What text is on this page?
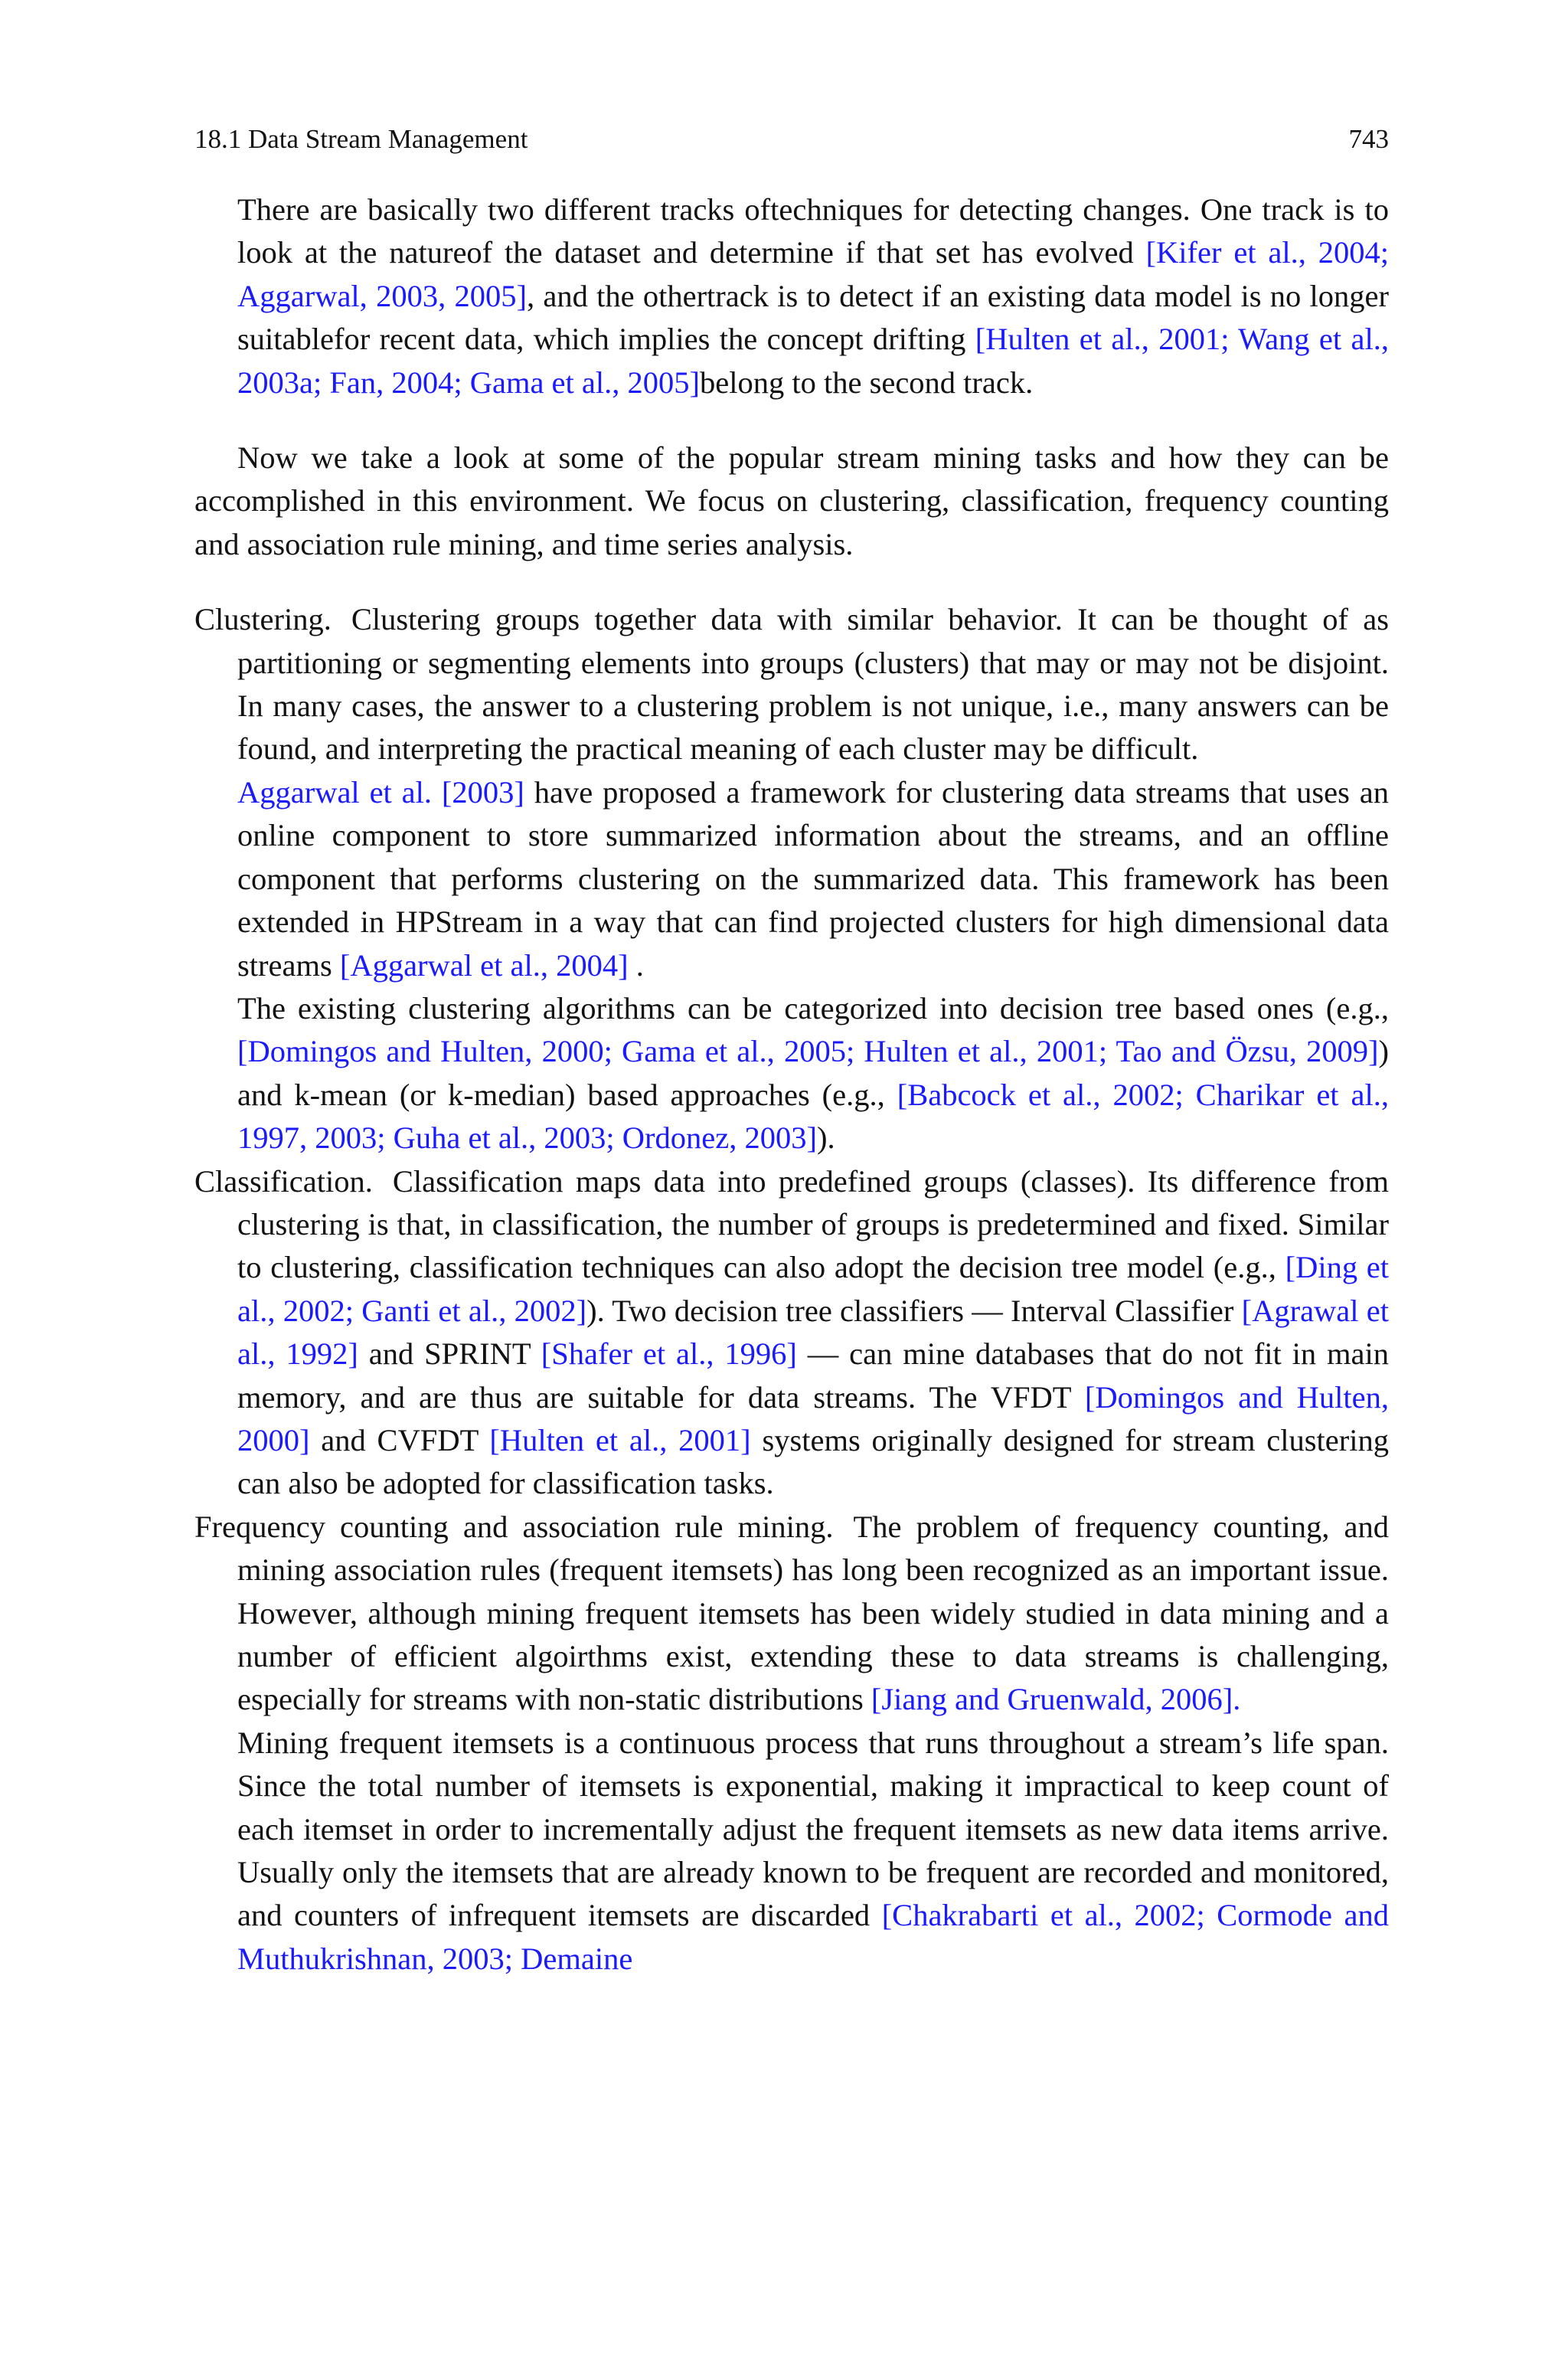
18.1 Data Stream Management	743

There are basically two different tracks oftechniques for detecting changes. One track is to look at the natureof the dataset and determine if that set has evolved [Kifer et al., 2004; Aggarwal, 2003, 2005], and the othertrack is to detect if an existing data model is no longer suitablefor recent data, which implies the concept drifting [Hulten et al., 2001; Wang et al., 2003a; Fan, 2004; Gama et al., 2005]belong to the second track.

Now we take a look at some of the popular stream mining tasks and how they can be accomplished in this environment. We focus on clustering, classification, frequency counting and association rule mining, and time series analysis.

Clustering. Clustering groups together data with similar behavior. It can be thought of as partitioning or segmenting elements into groups (clusters) that may or may not be disjoint. In many cases, the answer to a clustering problem is not unique, i.e., many answers can be found, and interpreting the practical meaning of each cluster may be difficult.

Aggarwal et al. [2003] have proposed a framework for clustering data streams that uses an online component to store summarized information about the streams, and an offline component that performs clustering on the summarized data. This framework has been extended in HPStream in a way that can find projected clusters for high dimensional data streams [Aggarwal et al., 2004] .

The existing clustering algorithms can be categorized into decision tree based ones (e.g., [Domingos and Hulten, 2000; Gama et al., 2005; Hulten et al., 2001; Tao and Özsu, 2009]) and k-mean (or k-median) based approaches (e.g., [Babcock et al., 2002; Charikar et al., 1997, 2003; Guha et al., 2003; Ordonez, 2003]).

Classification. Classification maps data into predefined groups (classes). Its difference from clustering is that, in classification, the number of groups is predetermined and fixed. Similar to clustering, classification techniques can also adopt the decision tree model (e.g., [Ding et al., 2002; Ganti et al., 2002]). Two decision tree classifiers — Interval Classifier [Agrawal et al., 1992] and SPRINT [Shafer et al., 1996] — can mine databases that do not fit in main memory, and are thus are suitable for data streams. The VFDT [Domingos and Hulten, 2000] and CVFDT [Hulten et al., 2001] systems originally designed for stream clustering can also be adopted for classification tasks.

Frequency counting and association rule mining. The problem of frequency counting, and mining association rules (frequent itemsets) has long been recognized as an important issue. However, although mining frequent itemsets has been widely studied in data mining and a number of efficient algoirthms exist, extending these to data streams is challenging, especially for streams with non-static distributions [Jiang and Gruenwald, 2006].

Mining frequent itemsets is a continuous process that runs throughout a stream’s life span. Since the total number of itemsets is exponential, making it impractical to keep count of each itemset in order to incrementally adjust the frequent itemsets as new data items arrive. Usually only the itemsets that are already known to be frequent are recorded and monitored, and counters of infrequent itemsets are discarded [Chakrabarti et al., 2002; Cormode and Muthukrishnan, 2003; Demaine
